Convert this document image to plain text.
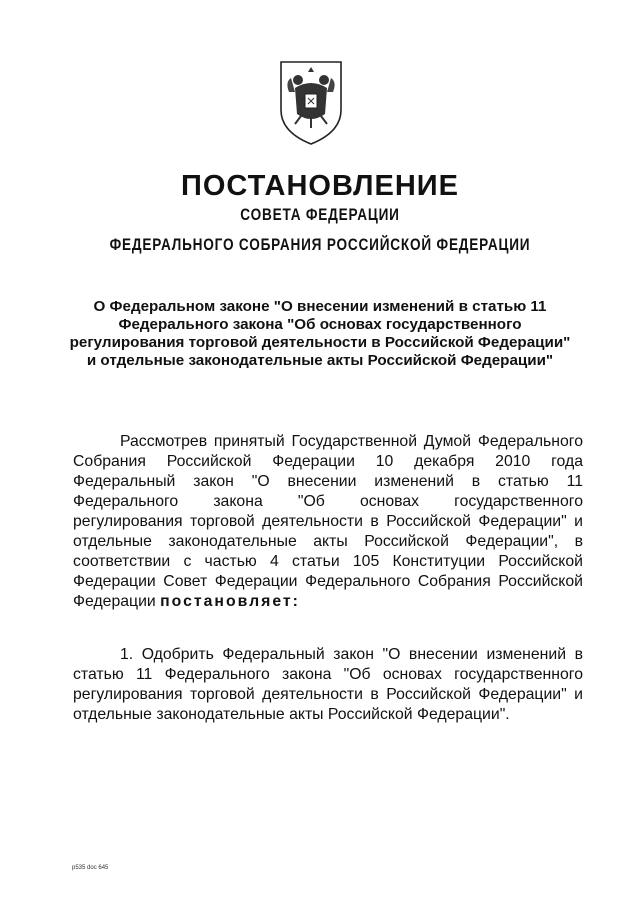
ПОСТАНОВЛЕНИЕ
СОВЕТА ФЕДЕРАЦИИ
ФЕДЕРАЛЬНОГО СОБРАНИЯ РОССИЙСКОЙ ФЕДЕРАЦИИ
О Федеральном законе "О внесении изменений в статью 11
Федерального закона "Об основах государственного
регулирования торговой деятельности в Российской Федерации"
и отдельные законодательные акты Российской Федерации"
Рассмотрев принятый Государственной Думой Федерального
Собрания Российской Федерации 10 декабря 2010 года
Федеральный закон "О внесении изменений в статью 11
Федерального закона "Об основах государственного
регулирования торговой деятельности в Российской Федерации" и
отдельные законодательные акты Российской Федерации", в
соответствии с частью 4 статьи 105 Конституции Российской
Федерации Совет Федерации Федерального Собрания Российской
Федерации постановляет:
1. Одобрить Федеральный закон "О внесении изменений в
статью 11 Федерального закона "Об основах государственного
регулирования торговой деятельности в Российской Федерации" и
отдельные законодательные акты Российской Федерации".
р535 doc 645
